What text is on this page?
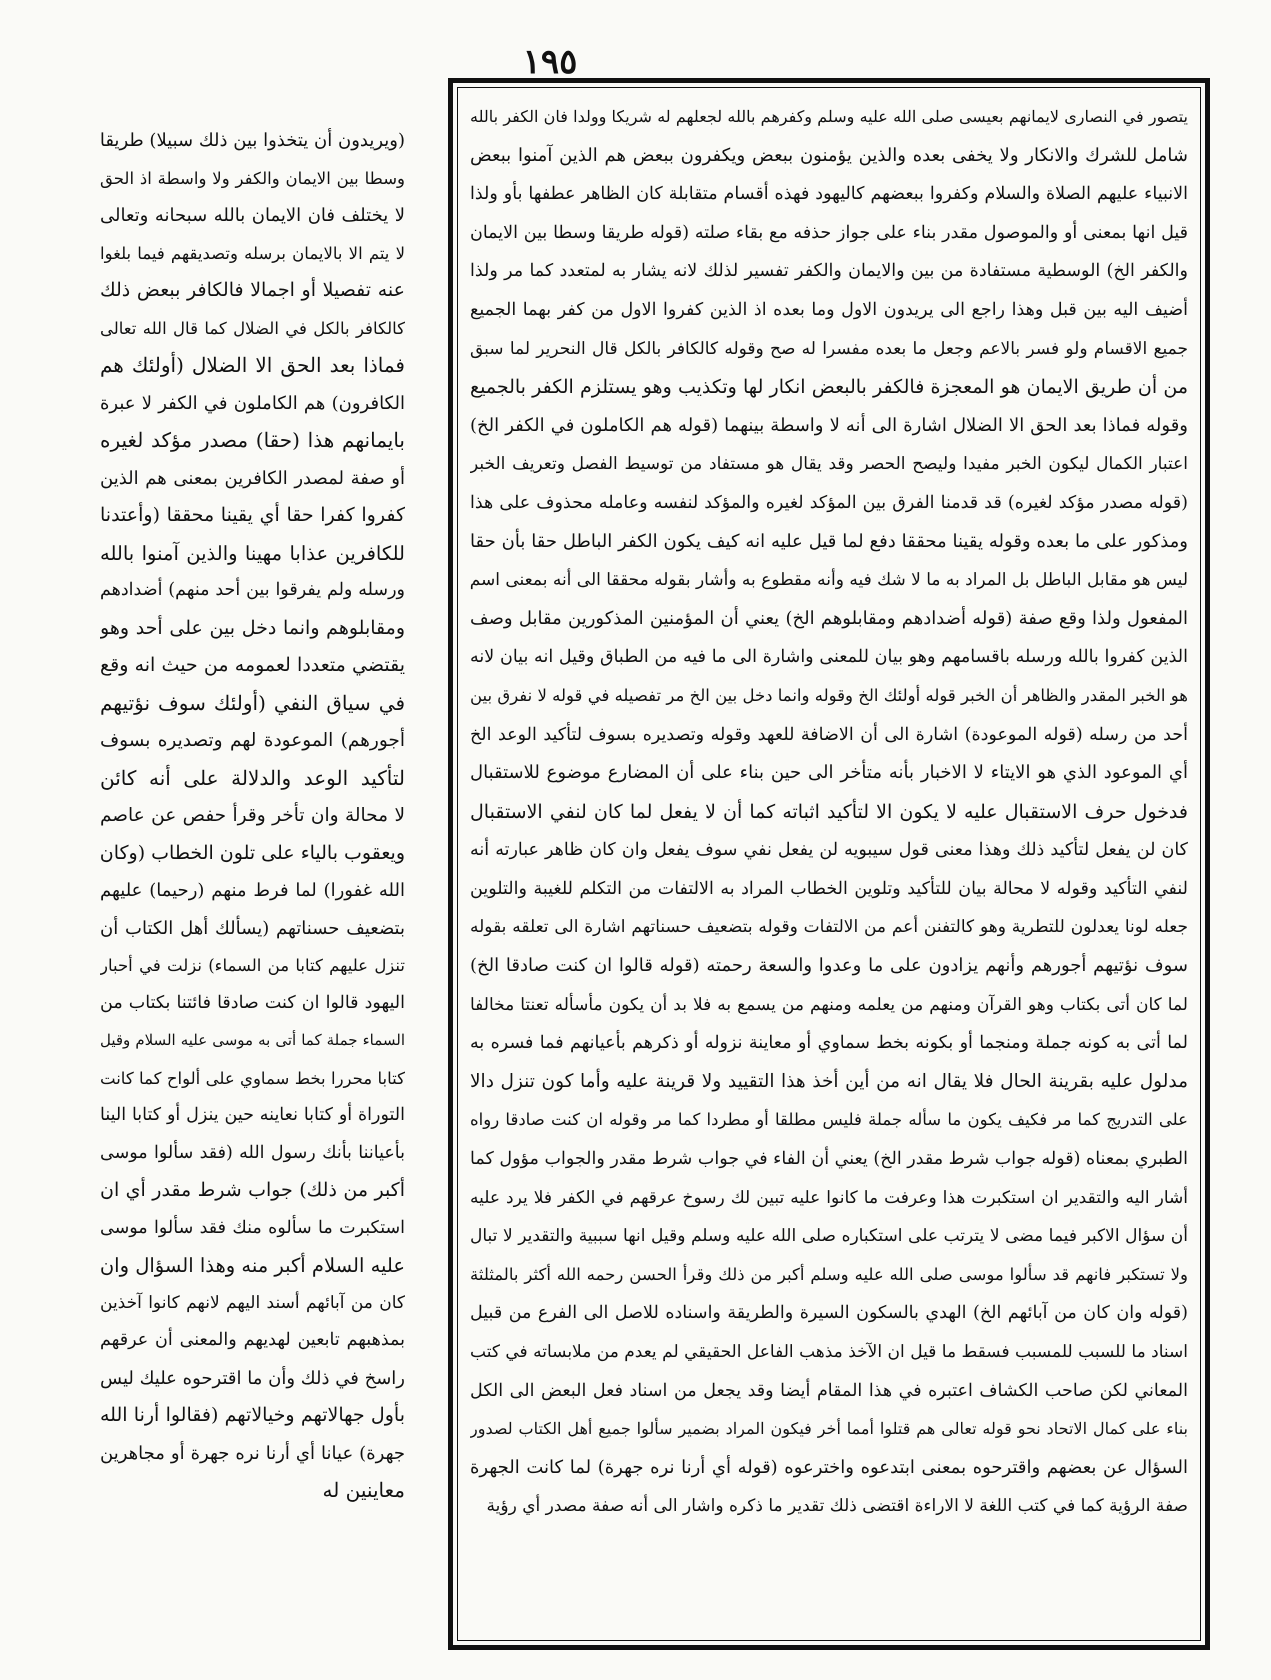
١٩٥
(ويريدون أن يتخذوا بين ذلك سبيلا) طريقا
وسطا بين الايمان والكفر ولا واسطة اذ الحق
لا يختلف فان الايمان بالله سبحانه وتعالى
لا يتم الا بالايمان برسله وتصديقهم فيما بلغوا
عنه تفصيلا أو اجمالا فالكافر ببعض ذلك
كالكافر بالكل في الضلال كما قال الله تعالى
فماذا بعد الحق الا الضلال (أولئك هم
الكافرون) هم الكاملون في الكفر لا عبرة
بايمانهم هذا (حقا) مصدر مؤكد لغيره
أو صفة لمصدر الكافرين بمعنى هم الذين
كفروا كفرا حقا أي يقينا محققا (وأعتدنا
للكافرين عذابا مهينا والذين آمنوا بالله
ورسله ولم يفرقوا بين أحد منهم) أضدادهم
ومقابلوهم وانما دخل بين على أحد وهو
يقتضي متعددا لعمومه من حيث انه وقع
في سياق النفي (أولئك سوف نؤتيهم
أجورهم) الموعودة لهم وتصديره بسوف
لتأكيد الوعد والدلالة على أنه كائن
لا محالة وان تأخر وقرأ حفص عن عاصم
ويعقوب بالياء على تلون الخطاب (وكان
الله غفورا) لما فرط منهم (رحيما) عليهم
بتضعيف حسناتهم (يسألك أهل الكتاب أن
تنزل عليهم كتابا من السماء) نزلت في أحبار
اليهود قالوا ان كنت صادقا فائتنا بكتاب من
السماء جملة كما أتى به موسى عليه السلام وقيل
كتابا محررا بخط سماوي على ألواح كما كانت
التوراة أو كتابا نعاينه حين ينزل أو كتابا الينا
بأعياننا بأنك رسول الله (فقد سألوا موسى
أكبر من ذلك) جواب شرط مقدر أي ان
استكبرت ما سألوه منك فقد سألوا موسى
عليه السلام أكبر منه وهذا السؤال وان
كان من آبائهم أسند اليهم لانهم كانوا آخذين
بمذهبهم تابعين لهديهم والمعنى أن عرقهم
راسخ في ذلك وأن ما اقترحوه عليك ليس
بأول جهالاتهم وخيالاتهم (فقالوا أرنا الله
جهرة) عيانا أي أرنا نره جهرة أو مجاهرين
معاينين له
يتصور في النصارى لايمانهم بعيسى صلى الله عليه وسلم وكفرهم بالله لجعلهم له شريكا وولدا فان الكفر بالله
شامل للشرك والانكار ولا يخفى بعده والذين يؤمنون ببعض ويكفرون ببعض هم الذين آمنوا ببعض
الانبياء عليهم الصلاة والسلام وكفروا ببعضهم كاليهود فهذه أقسام متقابلة كان الظاهر عطفها بأو ولذا
قيل انها بمعنى أو والموصول مقدر بناء على جواز حذفه مع بقاء صلته (قوله طريقا وسطا بين الايمان
والكفر الخ) الوسطية مستفادة من بين والايمان والكفر تفسير لذلك لانه يشار به لمتعدد كما مر ولذا
أضيف اليه بين قبل وهذا راجع الى يريدون الاول وما بعده اذ الذين كفروا الاول من كفر بهما الجميع
جميع الاقسام ولو فسر بالاعم وجعل ما بعده مفسرا له صح وقوله كالكافر بالكل قال النحرير لما سبق
من أن طريق الايمان هو المعجزة فالكفر بالبعض انكار لها وتكذيب وهو يستلزم الكفر بالجميع
وقوله فماذا بعد الحق الا الضلال اشارة الى أنه لا واسطة بينهما (قوله هم الكاملون في الكفر الخ)
اعتبار الكمال ليكون الخبر مفيدا وليصح الحصر وقد يقال هو مستفاد من توسيط الفصل وتعريف الخبر
(قوله مصدر مؤكد لغيره) قد قدمنا الفرق بين المؤكد لغيره والمؤكد لنفسه وعامله محذوف على هذا
ومذكور على ما بعده وقوله يقينا محققا دفع لما قيل عليه انه كيف يكون الكفر الباطل حقا بأن حقا
ليس هو مقابل الباطل بل المراد به ما لا شك فيه وأنه مقطوع به وأشار بقوله محققا الى أنه بمعنى اسم
المفعول ولذا وقع صفة (قوله أضدادهم ومقابلوهم الخ) يعني أن المؤمنين المذكورين مقابل وصف
الذين كفروا بالله ورسله باقسامهم وهو بيان للمعنى واشارة الى ما فيه من الطباق وقيل انه بيان لانه
هو الخبر المقدر والظاهر أن الخبر قوله أولئك الخ وقوله وانما دخل بين الخ مر تفصيله في قوله لا نفرق بين
أحد من رسله (قوله الموعودة) اشارة الى أن الاضافة للعهد وقوله وتصديره بسوف لتأكيد الوعد الخ
أي الموعود الذي هو الايتاء لا الاخبار بأنه متأخر الى حين بناء على أن المضارع موضوع للاستقبال
فدخول حرف الاستقبال عليه لا يكون الا لتأكيد اثباته كما أن لا يفعل لما كان لنفي الاستقبال
كان لن يفعل لتأكيد ذلك وهذا معنى قول سيبويه لن يفعل نفي سوف يفعل وان كان ظاهر عبارته أنه
لنفي التأكيد وقوله لا محالة بيان للتأكيد وتلوين الخطاب المراد به الالتفات من التكلم للغيبة والتلوين
جعله لونا يعدلون للتطرية وهو كالتفنن أعم من الالتفات وقوله بتضعيف حسناتهم اشارة الى تعلقه بقوله
سوف نؤتيهم أجورهم وأنهم يزادون على ما وعدوا والسعة رحمته (قوله قالوا ان كنت صادقا الخ)
لما كان أتى بكتاب وهو القرآن ومنهم من يعلمه ومنهم من يسمع به فلا بد أن يكون مأسأله تعنتا مخالفا
لما أتى به كونه جملة ومنجما أو بكونه بخط سماوي أو معاينة نزوله أو ذكرهم بأعيانهم فما فسره به
مدلول عليه بقرينة الحال فلا يقال انه من أين أخذ هذا التقييد ولا قرينة عليه وأما كون تنزل دالا
على التدريج كما مر فكيف يكون ما سأله جملة فليس مطلقا أو مطردا كما مر وقوله ان كنت صادقا رواه
الطبري بمعناه (قوله جواب شرط مقدر الخ) يعني أن الفاء في جواب شرط مقدر والجواب مؤول كما
أشار اليه والتقدير ان استكبرت هذا وعرفت ما كانوا عليه تبين لك رسوخ عرقهم في الكفر فلا يرد عليه
أن سؤال الاكبر فيما مضى لا يترتب على استكباره صلى الله عليه وسلم وقيل انها سببية والتقدير لا تبال
ولا تستكبر فانهم قد سألوا موسى صلى الله عليه وسلم أكبر من ذلك وقرأ الحسن رحمه الله أكثر بالمثلثة
(قوله وان كان من آبائهم الخ) الهدي بالسكون السيرة والطريقة واسناده للاصل الى الفرع من قبيل
اسناد ما للسبب للمسبب فسقط ما قيل ان الآخذ مذهب الفاعل الحقيقي لم يعدم من ملابساته في كتب
المعاني لكن صاحب الكشاف اعتبره في هذا المقام أيضا وقد يجعل من اسناد فعل البعض الى الكل
بناء على كمال الاتحاد نحو قوله تعالى هم قتلوا أمما أخر فيكون المراد بضمير سألوا جميع أهل الكتاب لصدور
السؤال عن بعضهم واقترحوه بمعنى ابتدعوه واخترعوه (قوله أي أرنا نره جهرة) لما كانت الجهرة
صفة الرؤية كما في كتب اللغة لا الاراءة اقتضى ذلك تقدير ما ذكره واشار الى أنه صفة مصدر أي رؤية
